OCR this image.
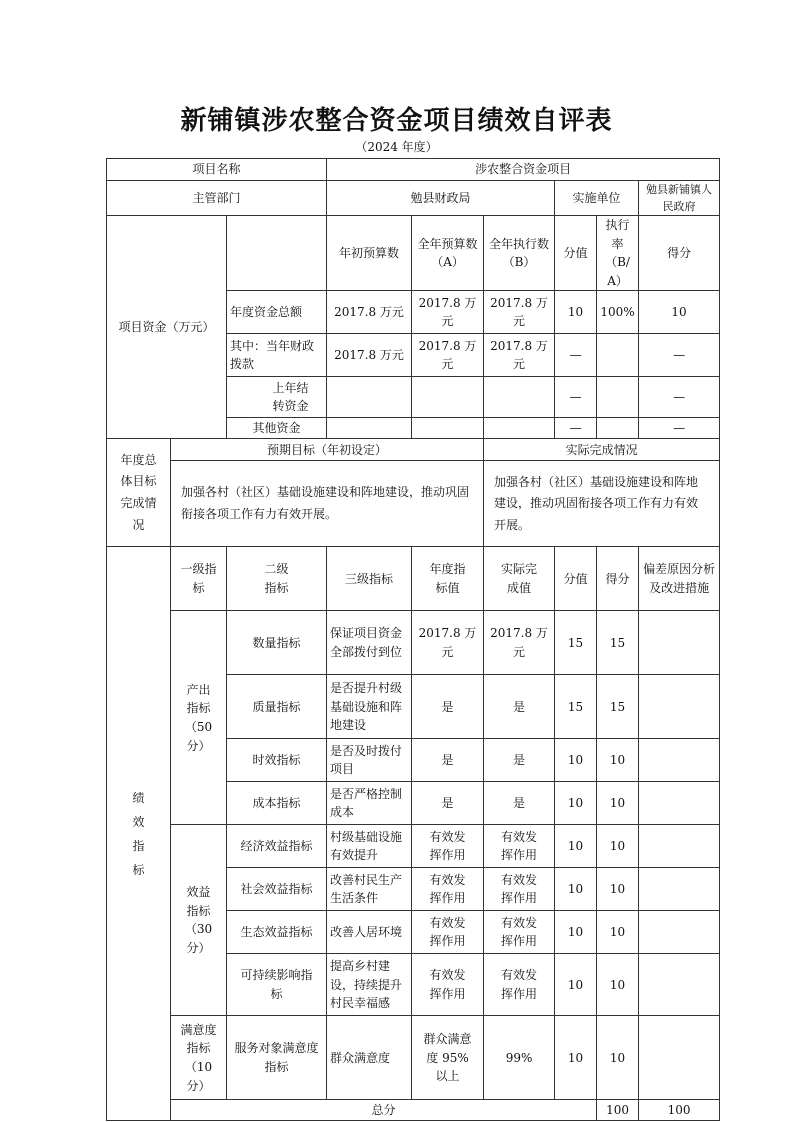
新铺镇涉农整合资金项目绩效自评表
（2024 年度）
项目名称			涉农整合资金项目						
主管部门			勉县财政局			实施单位		勉县新铺镇人民政府	
项目资金（万元）			年初预算数	全年预算数（A）	全年执行数（B）	分值	执行率（B/A）	得分	
		年度资金总额	2017.8 万元	2017.8 万元	2017.8 万元	10	100%	10	
		其中：当年财政拨款	2017.8 万元	2017.8 万元	2017.8 万元	—		—	
		上年结转资金				—		—	
		其他资金				—		—	
年度总体目标完成情况	预期目标（年初设定）				实际完成情况				
	加强各村（社区）基础设施建设和阵地建设，推动巩固衔接各项工作有力有效开展。				加强各村（社区）基础设施建设和阵地建设，推动巩固衔接各项工作有力有效开展。				
绩效指标	一级指标	二级指标	三级指标	年度指标值	实际完成值	分值	得分	偏差原因分析及改进措施	
	产出指标（50分）	数量指标	保证项目资金全部拨付到位	2017.8 万元	2017.8 万元	15	15		
		质量指标	是否提升村级基础设施和阵地建设	是	是	15	15		
		时效指标	是否及时拨付项目	是	是	10	10		
		成本指标	是否严格控制成本	是	是	10	10		
	效益指标（30分）	经济效益指标	村级基础设施有效提升	有效发挥作用	有效发挥作用	10	10		
		社会效益指标	改善村民生产生活条件	有效发挥作用	有效发挥作用	10	10		
		生态效益指标	改善人居环境	有效发挥作用	有效发挥作用	10	10		
		可持续影响指标	提高乡村建设，持续提升村民幸福感	有效发挥作用	有效发挥作用	10	10		
	满意度指标（10分）	服务对象满意度指标	群众满意度	群众满意度 95%以上	99%	10	10		
	总分						100	100	
